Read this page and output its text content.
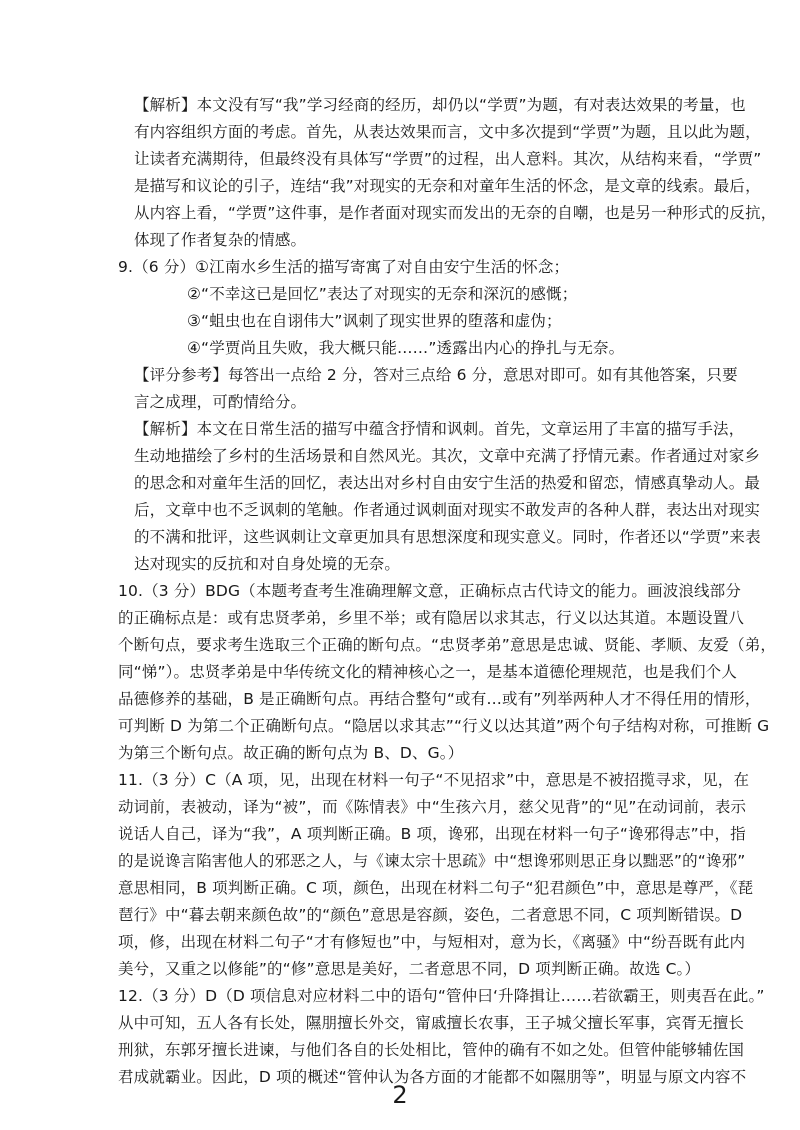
【解析】本文没有写“我”学习经商的经历，却仍以“学贾”为题，有对表达效果的考量，也
有内容组织方面的考虑。首先，从表达效果而言，文中多次提到“学贾”为题，且以此为题，
让读者充满期待，但最终没有具体写“学贾”的过程，出人意料。其次，从结构来看，“学贾”
是描写和议论的引子，连结“我”对现实的无奈和对童年生活的怀念，是文章的线索。最后，
从内容上看，“学贾”这件事，是作者面对现实而发出的无奈的自嘲，也是另一种形式的反抗，
体现了作者复杂的情感。

9.（6 分）①江南水乡生活的描写寄寓了对自由安宁生活的怀念；

②“不幸这已是回忆”表达了对现实的无奈和深沉的感慨；
③“蛆虫也在自诩伟大”讽刺了现实世界的堕落和虚伪；
④“学贾尚且失败，我大概只能……”透露出内心的挣扎与无奈。

【评分参考】每答出一点给 2 分，答对三点给 6 分，意思对即可。如有其他答案，只要
言之成理，可酌情给分。

【解析】本文在日常生活的描写中蕴含抒情和讽刺。首先，文章运用了丰富的描写手法，
生动地描绘了乡村的生活场景和自然风光。其次，文章中充满了抒情元素。作者通过对家乡
的思念和对童年生活的回忆，表达出对乡村自由安宁生活的热爱和留恋，情感真挚动人。最
后，文章中也不乏讽刺的笔触。作者通过讽刺面对现实不敢发声的各种人群，表达出对现实
的不满和批评，这些讽刺让文章更加具有思想深度和现实意义。同时，作者还以“学贾”来表
达对现实的反抗和对自身处境的无奈。

10.（3 分）BDG（本题考查考生准确理解文意，正确标点古代诗文的能力。画波浪线部分
的正确标点是：或有忠贤孝弟，乡里不举；或有隐居以求其志，行义以达其道。本题设置八
个断句点，要求考生选取三个正确的断句点。“忠贤孝弟”意思是忠诚、贤能、孝顺、友爱（弟，
同“悌”）。忠贤孝弟是中华传统文化的精神核心之一，是基本道德伦理规范，也是我们个人
品德修养的基础，B 是正确断句点。再结合整句“或有…或有”列举两种人才不得任用的情形，
可判断 D 为第二个正确断句点。“隐居以求其志”“行义以达其道”两个句子结构对称，可推断 G
为第三个断句点。故正确的断句点为 B、D、G。）

11.（3 分）C（A 项，见，出现在材料一句子“不见招求”中，意思是不被招揽寻求，见，在
动词前，表被动，译为“被”，而《陈情表》中“生孩六月，慈父见背”的“见”在动词前，表示
说话人自己，译为“我”，A 项判断正确。B 项，谗邪，出现在材料一句子“谗邪得志”中，指
的是说谗言陷害他人的邪恶之人，与《谏太宗十思疏》中“想谗邪则思正身以黜恶”的“谗邪”
意思相同，B 项判断正确。C 项，颜色，出现在材料二句子“犯君颜色”中，意思是尊严，《琵
琶行》中“暮去朝来颜色故”的“颜色”意思是容颜，姿色，二者意思不同，C 项判断错误。D
项，修，出现在材料二句子“才有修短也”中，与短相对，意为长，《离骚》中“纷吾既有此内
美兮，又重之以修能”的“修”意思是美好，二者意思不同，D 项判断正确。故选 C。）

12.（3 分）D（D 项信息对应材料二中的语句“管仲曰‘升降揖让……若欲霸王，则夷吾在此。”
从中可知，五人各有长处，隰朋擅长外交，甯戚擅长农事，王子城父擅长军事，宾胥无擅长
刑狱，东郭牙擅长进谏，与他们各自的长处相比，管仲的确有不如之处。但管仲能够辅佐国
君成就霸业。因此，D 项的概述“管仲认为各方面的才能都不如隰朋等”，明显与原文内容不

2
